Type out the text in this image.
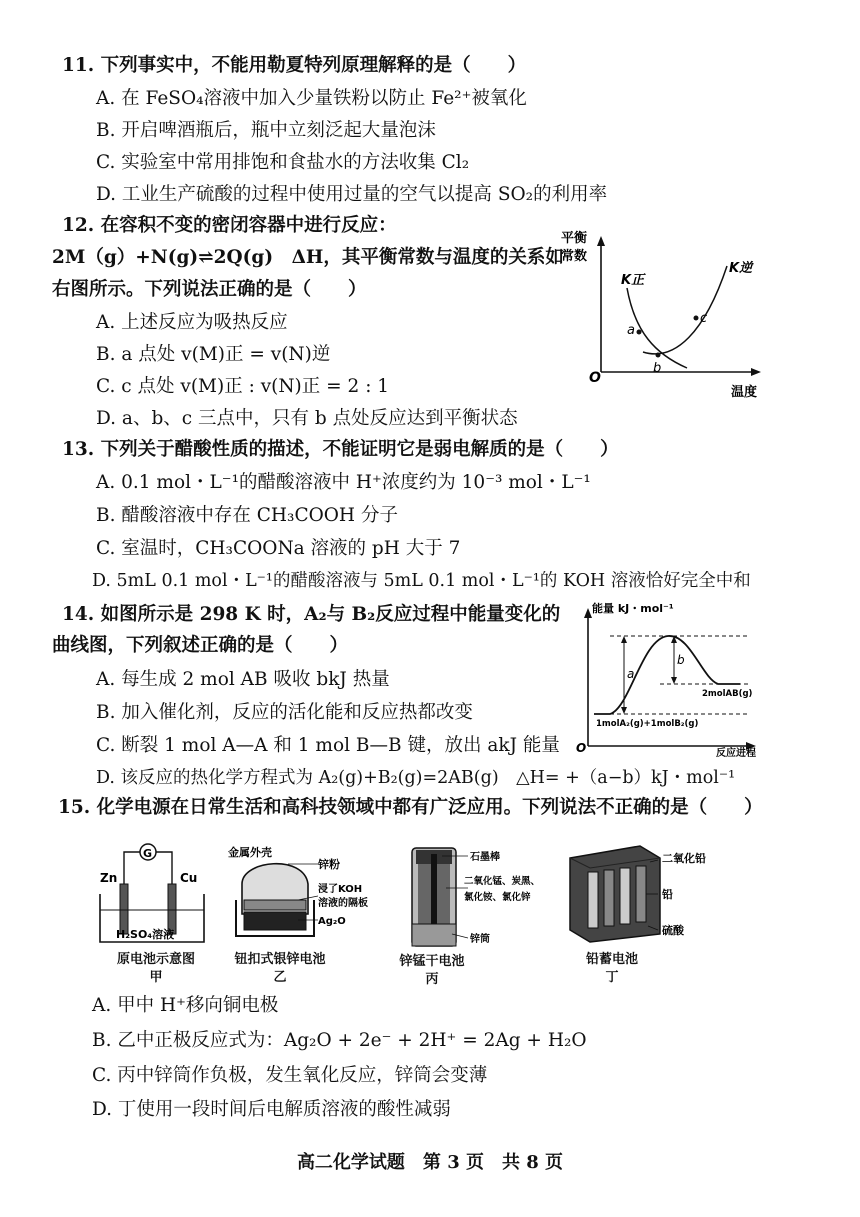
11. 下列事实中，不能用勒夏特列原理解释的是（　　）
A. 在 FeSO₄溶液中加入少量铁粉以防止 Fe²⁺被氧化
B. 开启啤酒瓶后，瓶中立刻泛起大量泡沫
C. 实验室中常用排饱和食盐水的方法收集 Cl₂
D. 工业生产硫酸的过程中使用过量的空气以提高 SO₂的利用率
12. 在容积不变的密闭容器中进行反应：
2M（g）+N(g)⇌2Q(g)　ΔH，其平衡常数与温度的关系如
右图所示。下列说法正确的是（　　）
A. 上述反应为吸热反应
B. a 点处 v(M)正 = v(N)逆
C. c 点处 v(M)正 : v(N)正 = 2 : 1
D. a、b、c 三点中，只有 b 点处反应达到平衡状态
平衡
常数
O
温度
K正
K逆
a
b
c
13. 下列关于醋酸性质的描述，不能证明它是弱电解质的是（　　）
A. 0.1 mol・L⁻¹的醋酸溶液中 H⁺浓度约为 10⁻³ mol・L⁻¹
B. 醋酸溶液中存在 CH₃COOH 分子
C. 室温时，CH₃COONa 溶液的 pH 大于 7
D. 5mL 0.1 mol・L⁻¹的醋酸溶液与 5mL 0.1 mol・L⁻¹的 KOH 溶液恰好完全中和
14. 如图所示是 298 K 时，A₂与 B₂反应过程中能量变化的
曲线图，下列叙述正确的是（　　）
A. 每生成 2 mol AB 吸收 bkJ 热量
B. 加入催化剂，反应的活化能和反应热都改变
C. 断裂 1 mol A—A 和 1 mol B—B 键，放出 akJ 能量
D. 该反应的热化学方程式为 A₂(g)+B₂(g)=2AB(g)　△H= +（a−b）kJ・mol⁻¹
能量 kJ・mol⁻¹
O	反应进程
a
b
2molAB(g)
1molA₂(g)+1molB₂(g)
15. 化学电源在日常生活和高科技领域中都有广泛应用。下列说法不正确的是（　　）
G
Zn	Cu
H₂SO₄溶液
原电池示意图
甲
金属外壳
锌粉
浸了KOH
溶液的隔板
Ag₂O
钮扣式银锌电池
乙
石墨棒
二氧化锰、炭黑、
氯化铵、氯化锌
锌筒
锌锰干电池
丙
二氧化铅
铅
硫酸
铅蓄电池
丁
A. 甲中 H⁺移向铜电极
B. 乙中正极反应式为：Ag₂O + 2e⁻ + 2H⁺ = 2Ag + H₂O
C. 丙中锌筒作负极，发生氧化反应，锌筒会变薄
D. 丁使用一段时间后电解质溶液的酸性减弱
高二化学试题　第 3 页　共 8 页
